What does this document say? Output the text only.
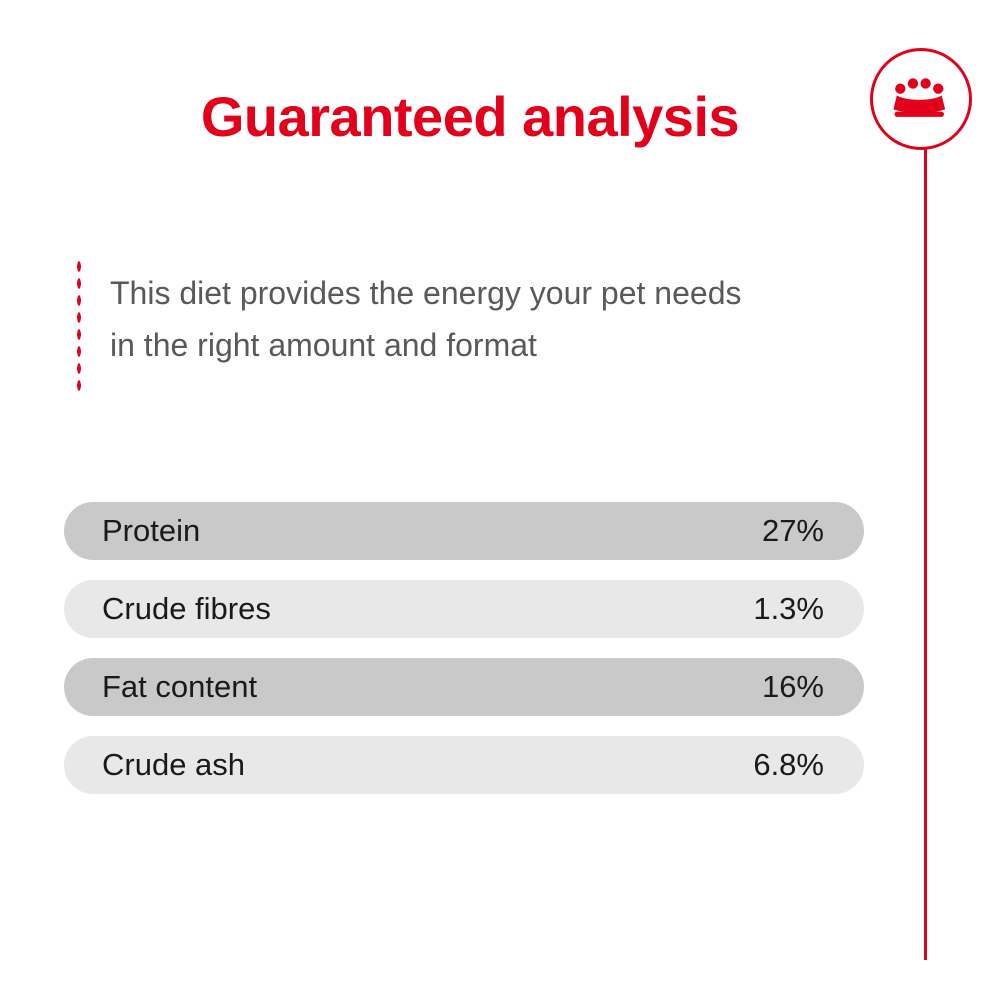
Guaranteed analysis
This diet provides the energy your pet needs
in the right amount and format
Protein	27%
Crude fibres	1.3%
Fat content	16%
Crude ash	6.8%
